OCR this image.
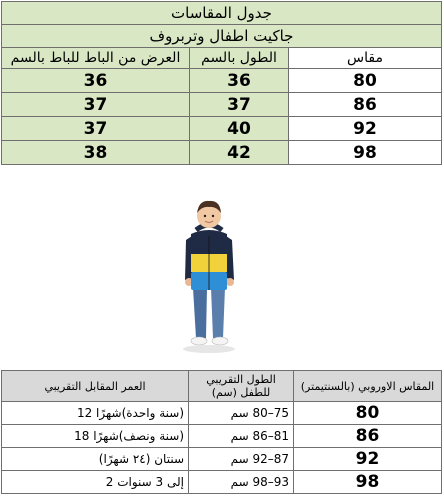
جدول المقاسات		
جاكيت اطفال وتربروف		
مقاس	الطول بالسم	العرض من الباط للباط بالسم
80	36	36
86	37	37
92	40	37
98	42	38
المقاس الاوروبي (بالسنتيمتر)	الطول التقريبي للطفل (سم)	العمر المقابل التقريبي
80	75–80 سم	(سنة واحدة)شهرًا 12
86	81–86 سم	(سنة ونصف)شهرًا 18
92	87–92 سم	سنتان (٢٤ شهرًا)
98	93–98 سم	إلى 3 سنوات 2
